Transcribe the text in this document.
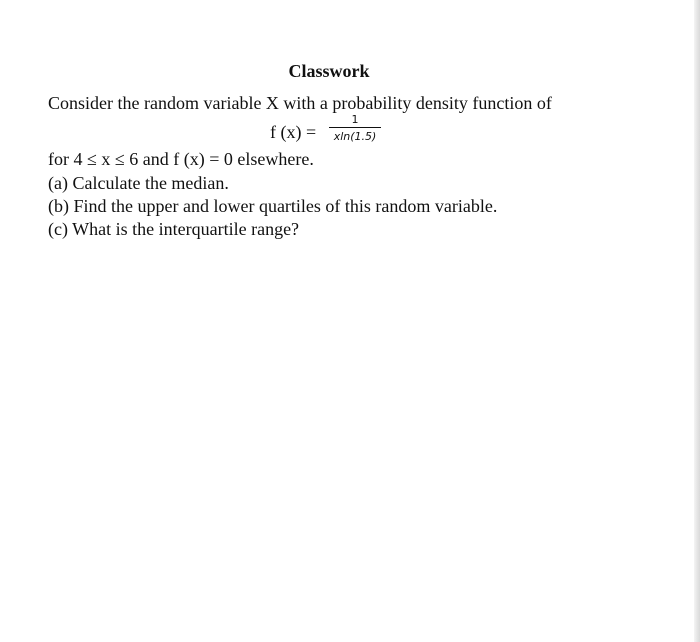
Classwork
Consider the random variable X with a probability density function of
f (x) =
1
xln(1.5)
for 4 ≤ x ≤ 6 and f (x) = 0 elsewhere.
(a) Calculate the median.
(b) Find the upper and lower quartiles of this random variable.
(c) What is the interquartile range?
